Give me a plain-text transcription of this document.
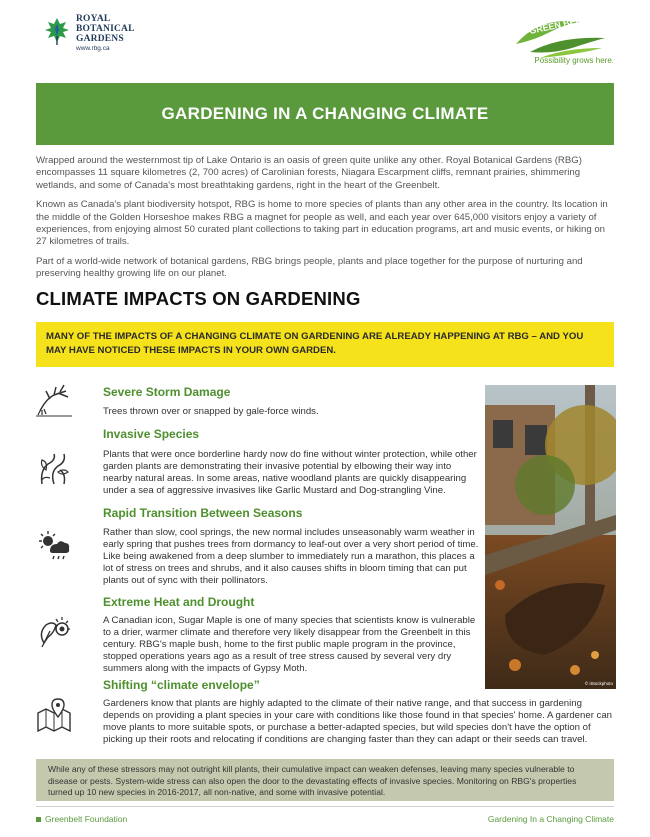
ROYAL
BOTANICAL
GARDENS
www.rbg.ca
GREEN BELT
Possibility grows here.
GARDENING IN A CHANGING CLIMATE

Wrapped around the westernmost tip of Lake Ontario is an oasis of green quite unlike any other. Royal Botanical Gardens (RBG) encompasses 11 square kilometres (2, 700 acres) of Carolinian forests, Niagara Escarpment cliffs, remnant prairies, shimmering wetlands, and some of Canada's most breathtaking gardens, right in the heart of the Greenbelt.

Known as Canada's plant biodiversity hotspot, RBG is home to more species of plants than any other area in the country. Its location in the middle of the Golden Horseshoe makes RBG a magnet for people as well, and each year over 645,000 visitors enjoy a variety of experiences, from enjoying almost 50 curated plant collections to taking part in education programs, art and music events, or hiking on 27 kilometres of trails.

Part of a world-wide network of botanical gardens, RBG brings people, plants and place together for the purpose of nurturing and preserving healthy growing life on our planet.

CLIMATE IMPACTS ON GARDENING

MANY OF THE IMPACTS OF A CHANGING CLIMATE ON GARDENING ARE ALREADY HAPPENING AT RBG – AND YOU MAY HAVE NOTICED THESE IMPACTS IN YOUR OWN GARDEN.

Severe Storm Damage
Trees thrown over or snapped by gale-force winds.
Invasive Species
Plants that were once borderline hardy now do fine without winter protection, while other garden plants are demonstrating their invasive potential by elbowing their way into nearby natural areas. In some areas, native woodland plants are quickly disappearing under a sea of aggressive invasives like Garlic Mustard and Dog-strangling Vine.
Rapid Transition Between Seasons
Rather than slow, cool springs, the new normal includes unseasonably warm weather in early spring that pushes trees from dormancy to leaf-out over a very short period of time. Like being awakened from a deep slumber to immediately run a marathon, this places a lot of stress on trees and shrubs, and it also causes shifts in bloom timing that can put plants out of sync with their pollinators.
Extreme Heat and Drought
A Canadian icon, Sugar Maple is one of many species that scientists know is vulnerable to a drier, warmer climate and therefore very likely disappear from the Greenbelt in this century. RBG's maple bush, home to the first public maple program in the province, stopped operations years ago as a result of tree stress caused by several very dry summers along with the impacts of Gypsy Moth.
Shifting “climate envelope”
Gardeners know that plants are highly adapted to the climate of their native range, and that success in gardening depends on providing a plant species in your care with conditions like those found in that species' home. A gardener can move plants to more suitable spots, or purchase a better-adapted species, but wild species don't have the option of picking up their roots and relocating if conditions are changing faster than they can adapt or their seeds can travel.
© iStockphoto

While any of these stressors may not outright kill plants, their cumulative impact can weaken defenses, leaving many species vulnerable to disease or pests. System-wide stress can also open the door to the devastating effects of invasive species. Monitoring on RBG's properties turned up 10 new species in 2016-2017, all non-native, and some with invasive potential.

Greenbelt Foundation	Gardening In a Changing Climate
